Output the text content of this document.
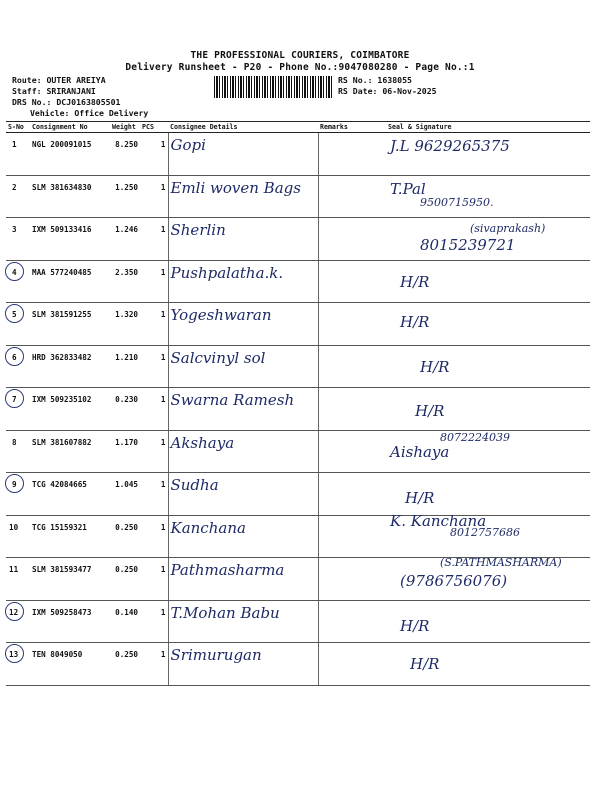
THE PROFESSIONAL COURIERS, COIMBATORE
Delivery Runsheet - P20 - Phone No.:9047080280 - Page No.:1
Route: OUTER AREIYA
Staff: SRIRANJANI
DRS No.: DCJ0163805501
Vehicle: Office Delivery
RS No.: 1638055
RS Date: 06-Nov-2025
S-No	Consignment No	Weight	PCS	Consignee Details	Remarks	Seal & Signature
1	NGL 200091015	8.250	1	Gopi		J.L 9629265375

2	SLM 381634830	1.250	1	Emli woven Bags		T.Pal
9500715950.

3	IXM 509133416	1.246	1	Sherlin		8015239721
(sivaprakash)

4	MAA 577240485	2.350	1	Pushpalatha.k.		H/R

5	SLM 381591255	1.320	1	Yogeshwaran		H/R

6	HRD 362833482	1.210	1	Salcvinyl sol		H/R

7	IXM 509235102	0.230	1	Swarna Ramesh		H/R

8	SLM 381607882	1.170	1	Akshaya		Aishaya
8072224039

9	TCG 42084665	1.045	1	Sudha		H/R

10	TCG 15159321	0.250	1	Kanchana		K. Kanchana
8012757686

11	SLM 381593477	0.250	1	Pathmasharma		(9786756076)
(S.PATHMASHARMA)

12	IXM 509258473	0.140	1	T.Mohan Babu		H/R

13	TEN 8049050	0.250	1	Srimurugan		H/R
